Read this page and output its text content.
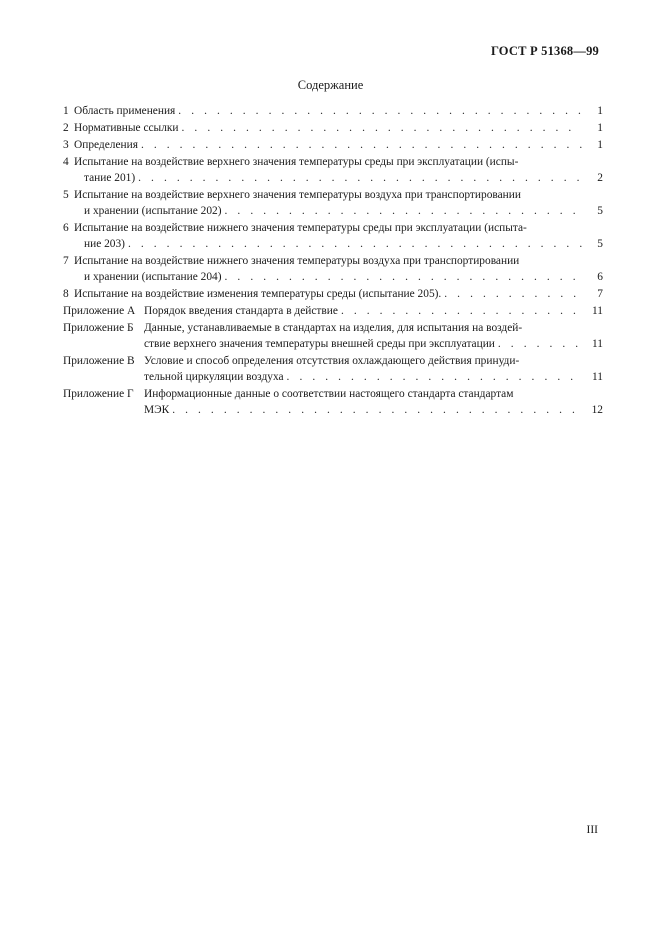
ГОСТ Р 51368—99
Содержание
1 Область применения . . .	1
2 Нормативные ссылки . . .	1
3 Определения . . .	1
4 Испытание на воздействие верхнего значения температуры среды при эксплуатации (испы-
тание 201) . . .	2
5 Испытание на воздействие верхнего значения температуры воздуха при транспортировании
и хранении (испытание 202) . . .	5
6 Испытание на воздействие нижнего значения температуры среды при эксплуатации (испыта-
ние 203) . . .	5
7 Испытание на воздействие нижнего значения температуры воздуха при транспортировании
и хранении (испытание 204) . . .	6
8 Испытание на воздействие изменения температуры среды (испытание 205). . . .	7
Приложение А Порядок введения стандарта в действие . . .	11
Приложение Б Данные, устанавливаемые в стандартах на изделия, для испытания на воздей-
ствие верхнего значения температуры внешней среды при эксплуатации . . .	11
Приложение В Условие и способ определения отсутствия охлаждающего действия принуди-
тельной циркуляции воздуха . . .	11
Приложение Г Информационные данные о соответствии настоящего стандарта стандартам
МЭК . . .	12
III
